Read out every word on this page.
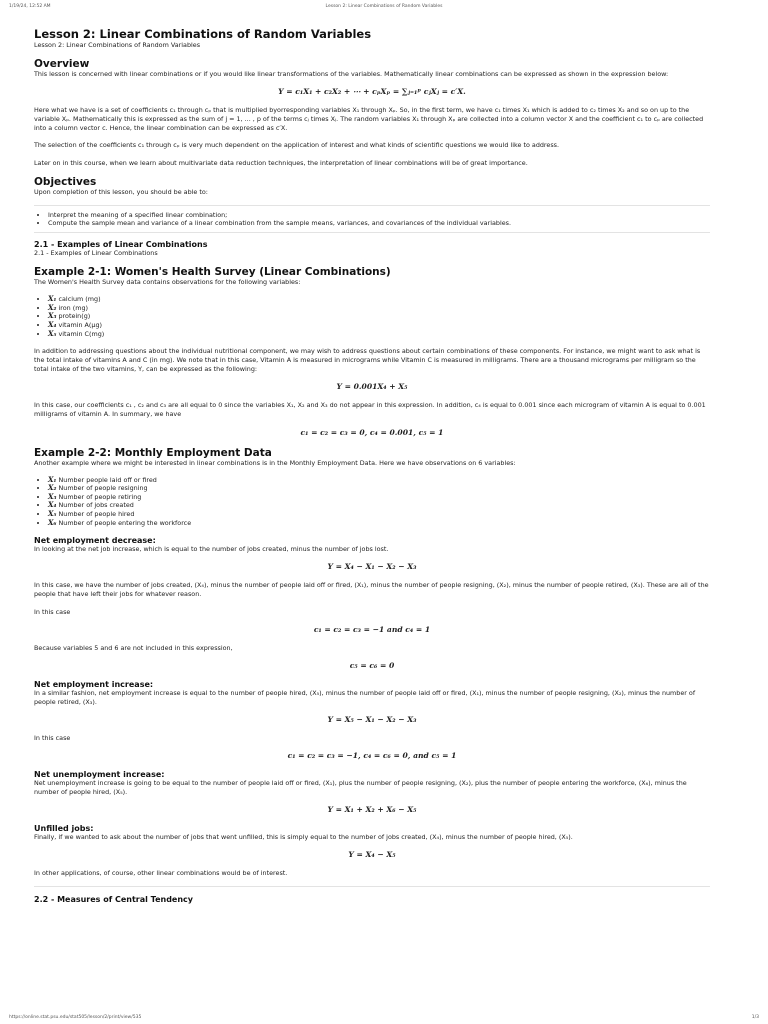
1/19/24, 12:52 AM	Lesson 2: Linear Combinations of Random Variables
Lesson 2: Linear Combinations of Random Variables

Lesson 2: Linear Combinations of Random Variables

Overview

This lesson is concerned with linear combinations or if you would like linear transformations of the variables. Mathematically linear combinations can be expressed as shown in the expression below:

Y = c₁X₁ + c₂X₂ + ⋯ + cₚXₚ = ∑ⱼ₌₁ᵖ cⱼXⱼ = c′X.

Here what we have is a set of coefficients c₁ through cₚ that is multiplied byorresponding variables X₁ through Xₚ. So, in the first term, we have c₁ times X₁ which is added to c₂ times X₂ and so on up to the variable Xₚ. Mathematically this is expressed as the sum of j = 1, ... , p of the terms cⱼ times Xⱼ. The random variables X₁ through Xₚ are collected into a column vector X and the coefficient c₁ to cₚ are collected into a column vector c. Hence, the linear combination can be expressed as c′X.

The selection of the coefficients c₁ through cₚ is very much dependent on the application of interest and what kinds of scientific questions we would like to address.

Later on in this course, when we learn about multivariate data reduction techniques, the interpretation of linear combinations will be of great importance.

Objectives

Upon completion of this lesson, you should be able to:

• Interpret the meaning of a specified linear combination;
• Compute the sample mean and variance of a linear combination from the sample means, variances, and covariances of the individual variables.
2.1 - Examples of Linear Combinations

2.1 - Examples of Linear Combinations

Example 2-1: Women's Health Survey (Linear Combinations)

The Women's Health Survey data contains observations for the following variables:

• X₁ calcium (mg)
• X₂ iron (mg)
• X₃ protein(g)
• X₄ vitamin A(μg)
• X₅ vitamin C(mg)

In addition to addressing questions about the individual nutritional component, we may wish to address questions about certain combinations of these components. For instance, we might want to ask what is the total intake of vitamins A and C (in mg). We note that in this case, Vitamin A is measured in micrograms while Vitamin C is measured in milligrams. There are a thousand micrograms per milligram so the total intake of the two vitamins, Y, can be expressed as the following:

Y = 0.001X₄ + X₅

In this case, our coefficients c₁ , c₂ and c₃ are all equal to 0 since the variables X₁, X₂ and X₃ do not appear in this expression. In addition, c₄ is equal to 0.001 since each microgram of vitamin A is equal to 0.001 milligrams of vitamin A. In summary, we have

c₁ = c₂ = c₃ = 0, c₄ = 0.001, c₅ = 1
Example 2-2: Monthly Employment Data

Another example where we might be interested in linear combinations is in the Monthly Employment Data. Here we have observations on 6 variables:

• X₁ Number people laid off or fired
• X₂ Number of people resigning
• X₃ Number of people retiring
• X₄ Number of jobs created
• X₅ Number of people hired
• X₆ Number of people entering the workforce
Net employment decrease:

In looking at the net job increase, which is equal to the number of jobs created, minus the number of jobs lost.

Y = X₄ − X₁ − X₂ − X₃

In this case, we have the number of jobs created, (X₄), minus the number of people laid off or fired, (X₁), minus the number of people resigning, (X₂), minus the number of people retired, (X₃). These are all of the people that have left their jobs for whatever reason.

In this case

c₁ = c₂ = c₃ = −1 and c₄ = 1

Because variables 5 and 6 are not included in this expression,

c₅ = c₆ = 0
Net employment increase:

In a similar fashion, net employment increase is equal to the number of people hired, (X₅), minus the number of people laid off or fired, (X₁), minus the number of people resigning, (X₂), minus the number of people retired, (X₃).

Y = X₅ − X₁ − X₂ − X₃

In this case

c₁ = c₂ = c₃ = −1, c₄ = c₆ = 0, and c₅ = 1
Net unemployment increase:

Net unemployment increase is going to be equal to the number of people laid off or fired, (X₁), plus the number of people resigning, (X₂), plus the number of people entering the workforce, (X₆), minus the number of people hired, (X₅).

Y = X₁ + X₂ + X₆ − X₅
Unfilled jobs:

Finally, if we wanted to ask about the number of jobs that went unfilled, this is simply equal to the number of jobs created, (X₄), minus the number of people hired, (X₅).

Y = X₄ − X₅

In other applications, of course, other linear combinations would be of interest.

2.2 - Measures of Central Tendency
https://online.stat.psu.edu/stat505/lesson/2/print/view/535	1/3
